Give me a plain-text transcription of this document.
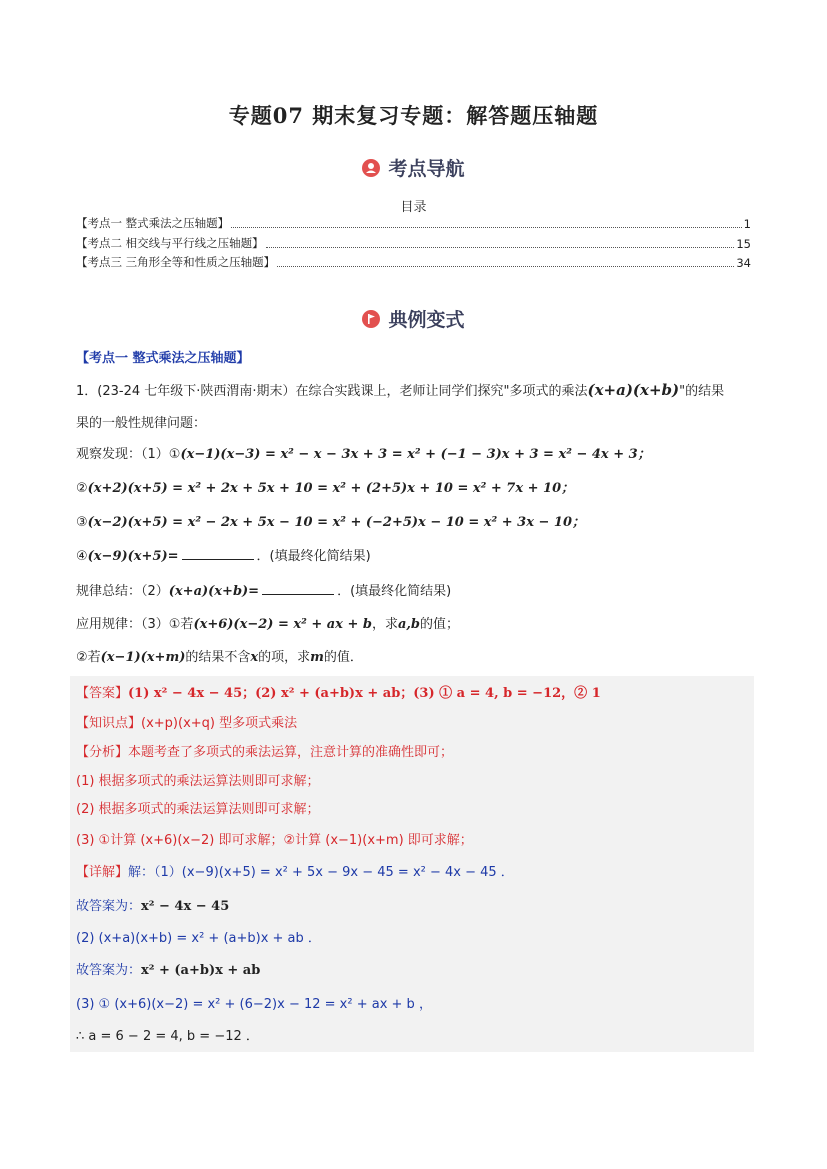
专题07 期末复习专题：解答题压轴题
考点导航
目录
【考点一 整式乘法之压轴题】	1
【考点二 相交线与平行线之压轴题】	15
【考点三 三角形全等和性质之压轴题】	34
典例变式
【考点一 整式乘法之压轴题】
1．(23-24 七年级下·陕西渭南·期末）在综合实践课上，老师让同学们探究"多项式的乘法(x+a)(x+b)"的结果
果的一般性规律问题：
观察发现：（1）①(x−1)(x−3) = x² − x − 3x + 3 = x² + (−1 − 3)x + 3 = x² − 4x + 3；
②(x+2)(x+5) = x² + 2x + 5x + 10 = x² + (2+5)x + 10 = x² + 7x + 10；
③(x−2)(x+5) = x² − 2x + 5x − 10 = x² + (−2+5)x − 10 = x² + 3x − 10；
④(x−9)(x+5)=	．(填最终化简结果)
规律总结：（2）(x+a)(x+b)=	．(填最终化简结果)
应用规律：（3）①若(x+6)(x−2) = x² + ax + b，求a,b的值；
②若(x−1)(x+m)的结果不含x的项，求m的值．
【答案】(1) x² − 4x − 45；(2) x² + (a+b)x + ab；(3) ① a = 4, b = −12，② 1
【知识点】(x+p)(x+q) 型多项式乘法
【分析】本题考查了多项式的乘法运算，注意计算的准确性即可；
(1) 根据多项式的乘法运算法则即可求解；
(2) 根据多项式的乘法运算法则即可求解；
(3) ①计算 (x+6)(x−2) 即可求解；②计算 (x−1)(x+m) 即可求解；
【详解】解：（1）(x−9)(x+5) = x² + 5x − 9x − 45 = x² − 4x − 45 ．
故答案为：x² − 4x − 45
(2) (x+a)(x+b) = x² + (a+b)x + ab ．
故答案为：x² + (a+b)x + ab
(3) ① (x+6)(x−2) = x² + (6−2)x − 12 = x² + ax + b ，
∴ a = 6 − 2 = 4, b = −12 ．
